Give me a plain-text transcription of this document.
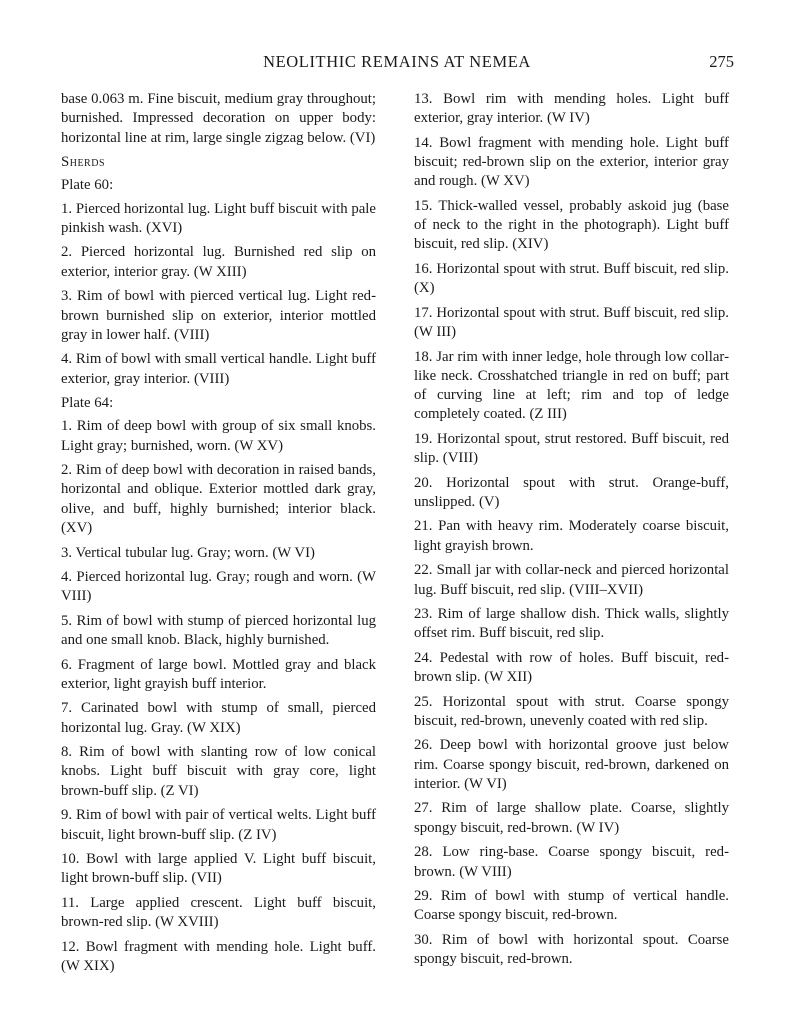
NEOLITHIC REMAINS AT NEMEA	275

base 0.063 m. Fine biscuit, medium gray throughout; burnished. Impressed decoration on upper body: horizontal line at rim, large single zigzag below. (VI)

Sherds
Plate 60:

1. Pierced horizontal lug. Light buff biscuit with pale pinkish wash. (XVI)

2. Pierced horizontal lug. Burnished red slip on exterior, interior gray. (W XIII)

3. Rim of bowl with pierced vertical lug. Light red-brown burnished slip on exterior, interior mottled gray in lower half. (VIII)

4. Rim of bowl with small vertical handle. Light buff exterior, gray interior. (VIII)

Plate 64:

1. Rim of deep bowl with group of six small knobs. Light gray; burnished, worn. (W XV)

2. Rim of deep bowl with decoration in raised bands, horizontal and oblique. Exterior mottled dark gray, olive, and buff, highly burnished; interior black. (XV)

3. Vertical tubular lug. Gray; worn. (W VI)

4. Pierced horizontal lug. Gray; rough and worn. (W VIII)

5. Rim of bowl with stump of pierced horizontal lug and one small knob. Black, highly burnished.

6. Fragment of large bowl. Mottled gray and black exterior, light grayish buff interior.

7. Carinated bowl with stump of small, pierced horizontal lug. Gray. (W XIX)

8. Rim of bowl with slanting row of low conical knobs. Light buff biscuit with gray core, light brown-buff slip. (Z VI)

9. Rim of bowl with pair of vertical welts. Light buff biscuit, light brown-buff slip. (Z IV)

10. Bowl with large applied V. Light buff biscuit, light brown-buff slip. (VII)

11. Large applied crescent. Light buff biscuit, brown-red slip. (W XVIII)

12. Bowl fragment with mending hole. Light buff. (W XIX)

13. Bowl rim with mending holes. Light buff exterior, gray interior. (W IV)

14. Bowl fragment with mending hole. Light buff biscuit; red-brown slip on the exterior, interior gray and rough. (W XV)

15. Thick-walled vessel, probably askoid jug (base of neck to the right in the photograph). Light buff biscuit, red slip. (XIV)

16. Horizontal spout with strut. Buff biscuit, red slip. (X)

17. Horizontal spout with strut. Buff biscuit, red slip. (W III)

18. Jar rim with inner ledge, hole through low collar-like neck. Crosshatched triangle in red on buff; part of curving line at left; rim and top of ledge completely coated. (Z III)

19. Horizontal spout, strut restored. Buff biscuit, red slip. (VIII)

20. Horizontal spout with strut. Orange-buff, unslipped. (V)

21. Pan with heavy rim. Moderately coarse biscuit, light grayish brown.

22. Small jar with collar-neck and pierced horizontal lug. Buff biscuit, red slip. (VIII–XVII)

23. Rim of large shallow dish. Thick walls, slightly offset rim. Buff biscuit, red slip.

24. Pedestal with row of holes. Buff biscuit, red-brown slip. (W XII)

25. Horizontal spout with strut. Coarse spongy biscuit, red-brown, unevenly coated with red slip.

26. Deep bowl with horizontal groove just below rim. Coarse spongy biscuit, red-brown, darkened on interior. (W VI)

27. Rim of large shallow plate. Coarse, slightly spongy biscuit, red-brown. (W IV)

28. Low ring-base. Coarse spongy biscuit, red-brown. (W VIII)

29. Rim of bowl with stump of vertical handle. Coarse spongy biscuit, red-brown.

30. Rim of bowl with horizontal spout. Coarse spongy biscuit, red-brown.
